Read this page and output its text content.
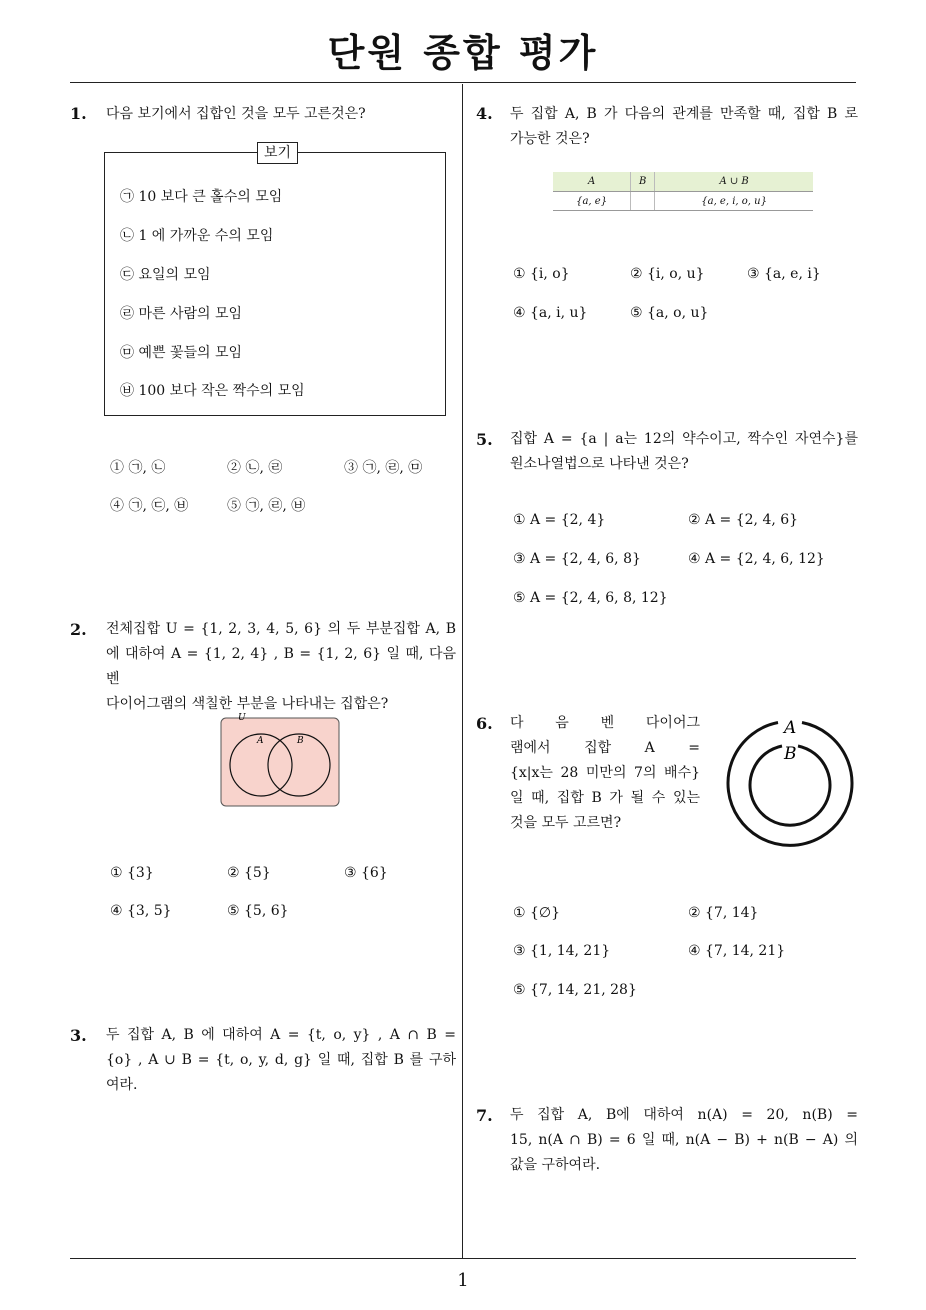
단원 종합 평가
1
1. 다음 보기에서 집합인 것을 모두 고른것은?
보기
㉠ 10 보다 큰 홀수의 모임
㉡ 1 에 가까운 수의 모임
㉢ 요일의 모임
㉣ 마른 사람의 모임
㉤ 예쁜 꽃들의 모임
㉥ 100 보다 작은 짝수의 모임
① ㉠, ㉡	② ㉡, ㉣	③ ㉠, ㉣, ㉤
④ ㉠, ㉢, ㉥	⑤ ㉠, ㉣, ㉥
2. 전체집합 U = {1, 2, 3, 4, 5, 6} 의 두 부분집합 A, B
에 대하여 A = {1, 2, 4} , B = {1, 2, 6} 일 때, 다음 벤
다이어그램의 색칠한 부분을 나타내는 집합은?
U
A	B
① {3}	② {5}	③ {6}
④ {3, 5}	⑤ {5, 6}
3. 두 집합 A, B 에 대하여 A = {t, o, y} , A ∩ B =
{o} , A ∪ B = {t, o, y, d, g} 일 때, 집합 B 를 구하
여라.
4. 두 집합 A, B 가 다음의 관계를 만족할 때, 집합 B 로
가능한 것은?
A	B	A ∪ B
{a, e}		{a, e, i, o, u}
① {i, o}	② {i, o, u}	③ {a, e, i}
④ {a, i, u}	⑤ {a, o, u}
5. 집합 A = {a | a는 12의 약수이고, 짝수인 자연수}를
원소나열법으로 나타낸 것은?
① A = {2, 4}	② A = {2, 4, 6}
③ A = {2, 4, 6, 8}	④ A = {2, 4, 6, 12}
⑤ A = {2, 4, 6, 8, 12}
6. 다 음 벤 다이어그
램에서 집합 A =
{x|x는 28 미만의 7의 배수}
일 때, 집합 B 가 될 수 있는
것을 모두 고르면?
A
B
① {∅}	② {7, 14}
③ {1, 14, 21}	④ {7, 14, 21}
⑤ {7, 14, 21, 28}
7. 두 집합 A, B에 대하여 n(A) = 20, n(B) =
15, n(A ∩ B) = 6 일 때, n(A − B) + n(B − A) 의
값을 구하여라.
